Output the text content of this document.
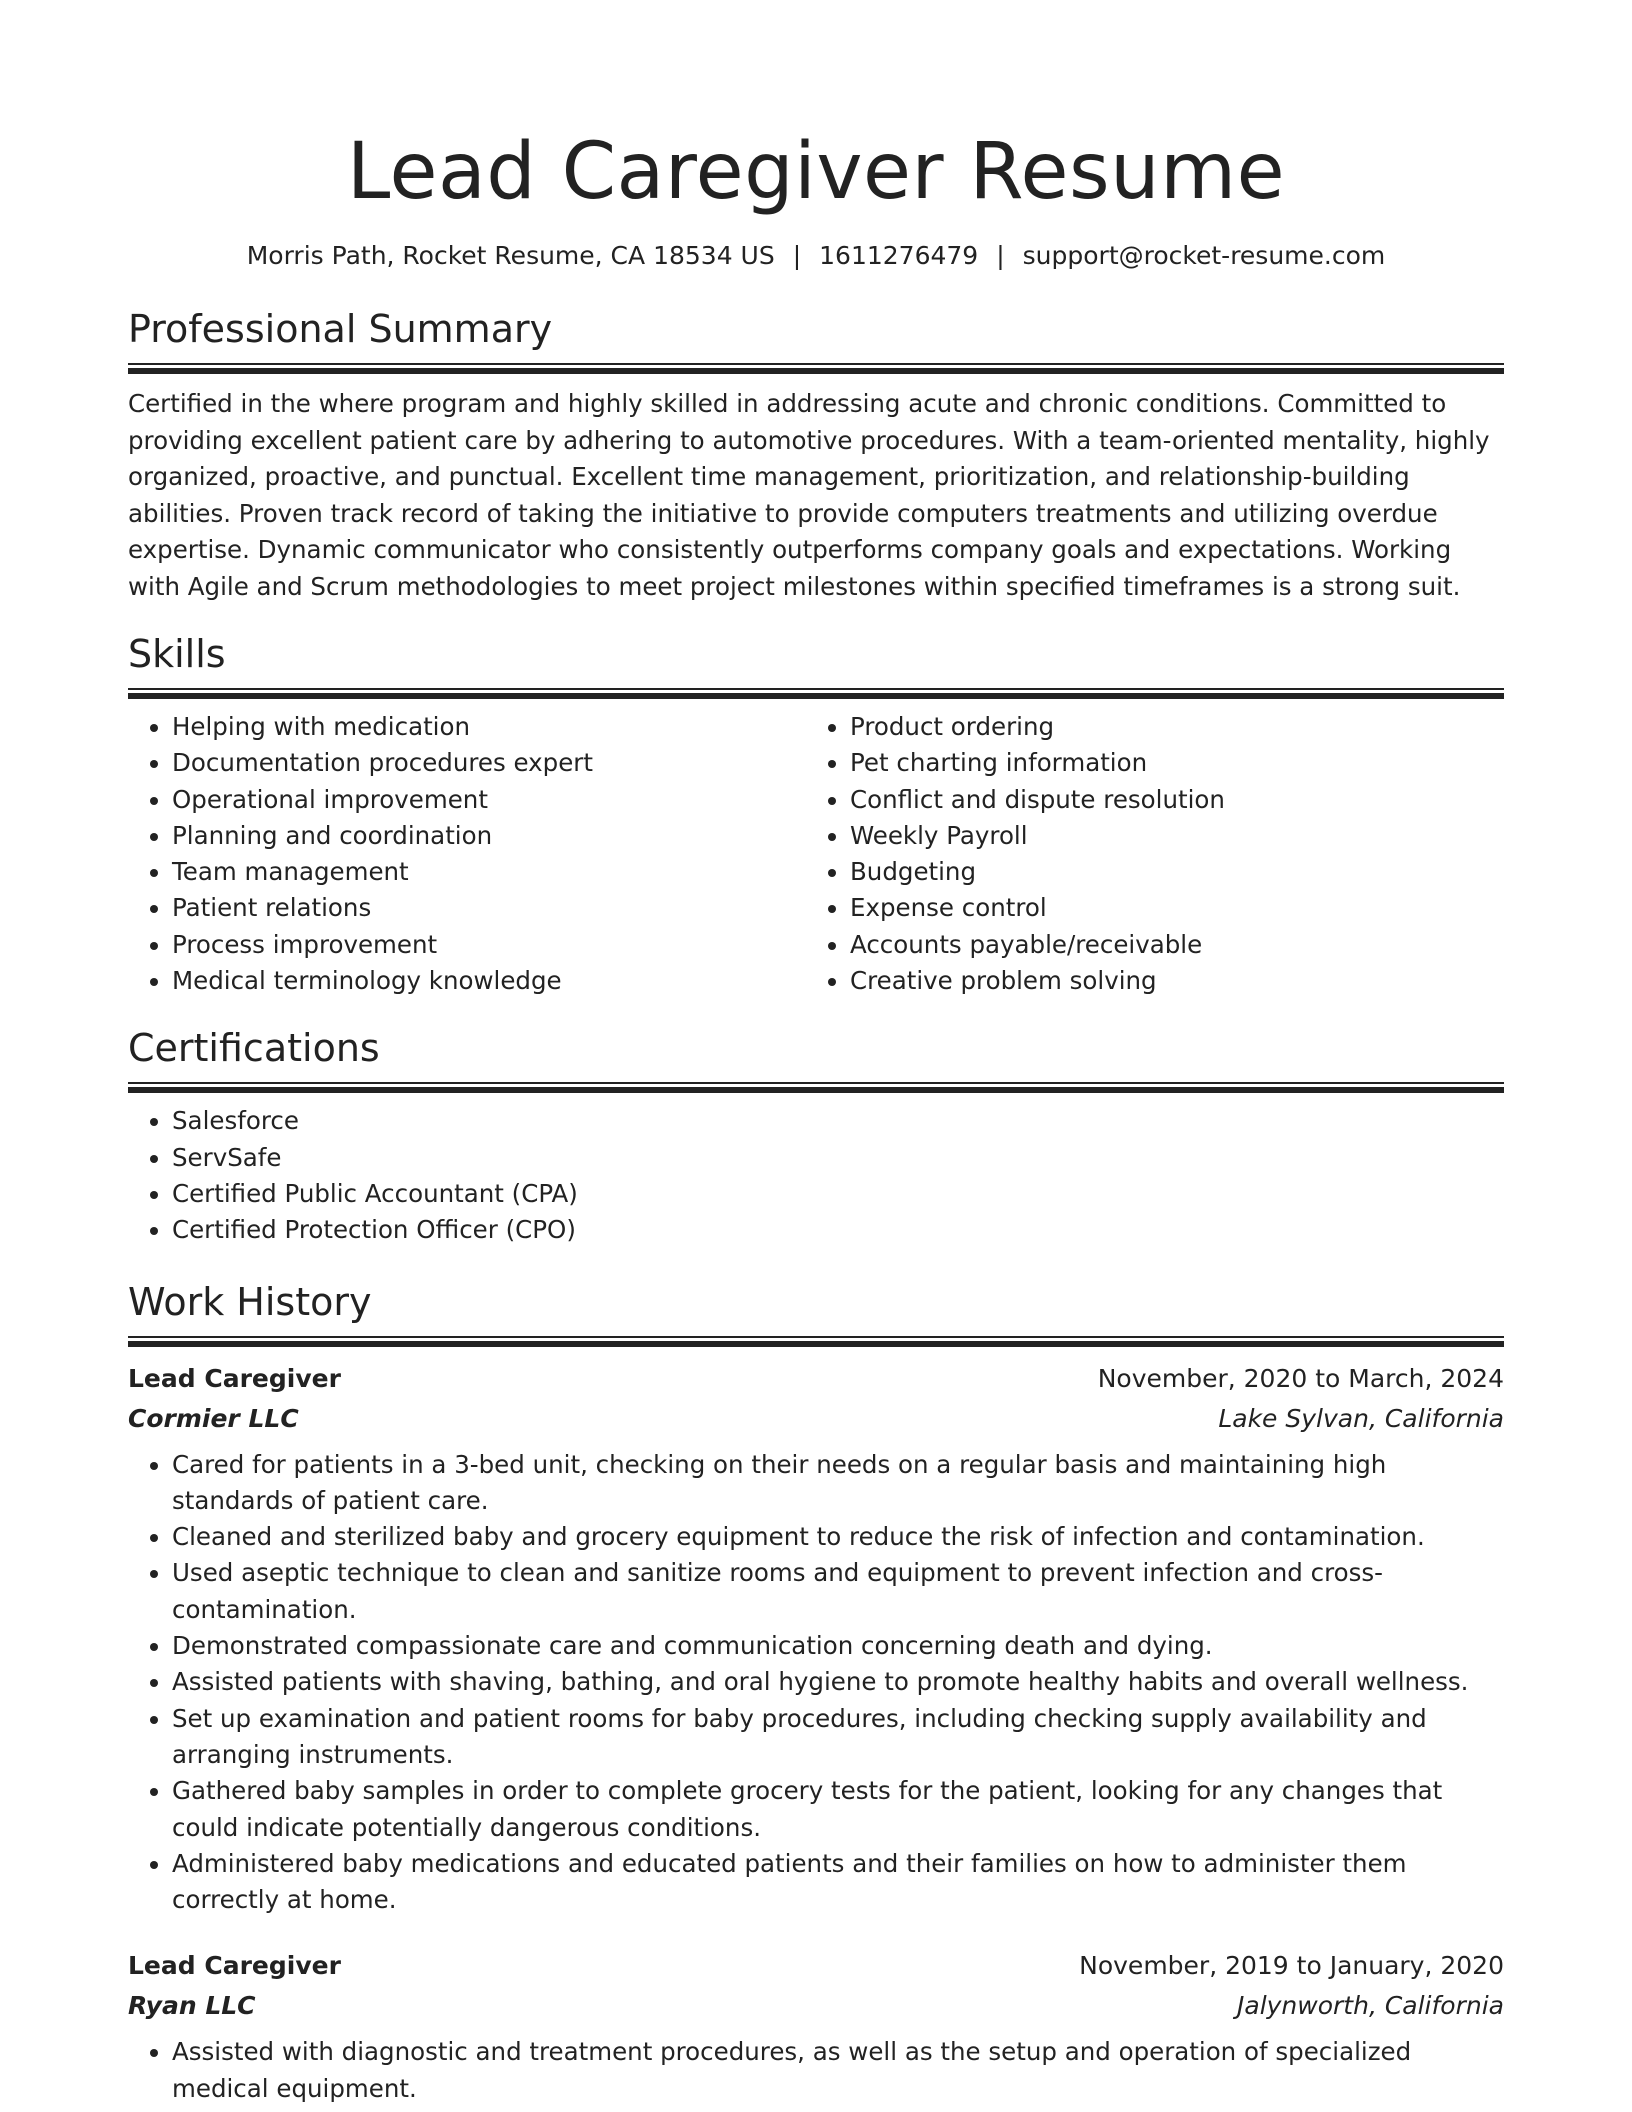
Lead Caregiver Resume
Morris Path, Rocket Resume, CA 18534 US | 1611276479 | support@rocket-resume.com
Professional Summary

Certified in the where program and highly skilled in addressing acute and chronic conditions. Committed to providing excellent patient care by adhering to automotive procedures. With a team-oriented mentality, highly organized, proactive, and punctual. Excellent time management, prioritization, and relationship-building abilities. Proven track record of taking the initiative to provide computers treatments and utilizing overdue expertise. Dynamic communicator who consistently outperforms company goals and expectations. Working with Agile and Scrum methodologies to meet project milestones within specified timeframes is a strong suit.

Skills
• Helping with medication
• Documentation procedures expert
• Operational improvement
• Planning and coordination
• Team management
• Patient relations
• Process improvement
• Medical terminology knowledge
• Product ordering
• Pet charting information
• Conflict and dispute resolution
• Weekly Payroll
• Budgeting
• Expense control
• Accounts payable/receivable
• Creative problem solving
Certifications
• Salesforce
• ServSafe
• Certified Public Accountant (CPA)
• Certified Protection Officer (CPO)
Work History
Lead Caregiver	November, 2020 to March, 2024
Cormier LLC	Lake Sylvan, California
• Cared for patients in a 3-bed unit, checking on their needs on a regular basis and maintaining high standards of patient care.
• Cleaned and sterilized baby and grocery equipment to reduce the risk of infection and contamination.
• Used aseptic technique to clean and sanitize rooms and equipment to prevent infection and cross-contamination.
• Demonstrated compassionate care and communication concerning death and dying.
• Assisted patients with shaving, bathing, and oral hygiene to promote healthy habits and overall wellness.
• Set up examination and patient rooms for baby procedures, including checking supply availability and arranging instruments.
• Gathered baby samples in order to complete grocery tests for the patient, looking for any changes that could indicate potentially dangerous conditions.
• Administered baby medications and educated patients and their families on how to administer them correctly at home.
Lead Caregiver	November, 2019 to January, 2020
Ryan LLC	Jalynworth, California
• Assisted with diagnostic and treatment procedures, as well as the setup and operation of specialized medical equipment.
